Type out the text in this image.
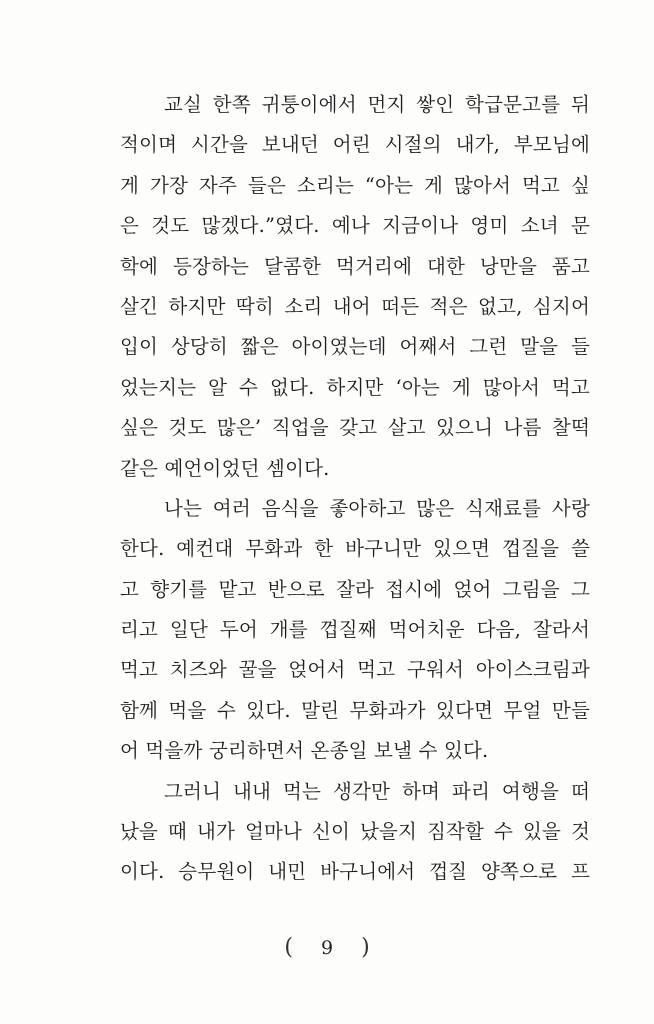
교실 한쪽 귀퉁이에서 먼지 쌓인 학급문고를 뒤
적이며 시간을 보내던 어린 시절의 내가, 부모님에
게 가장 자주 들은 소리는 “아는 게 많아서 먹고 싶
은 것도 많겠다.”였다. 예나 지금이나 영미 소녀 문
학에 등장하는 달콤한 먹거리에 대한 낭만을 품고
살긴 하지만 딱히 소리 내어 떠든 적은 없고, 심지어
입이 상당히 짧은 아이였는데 어째서 그런 말을 들
었는지는 알 수 없다. 하지만 ‘아는 게 많아서 먹고
싶은 것도 많은’ 직업을 갖고 살고 있으니 나름 찰떡
같은 예언이었던 셈이다.
나는 여러 음식을 좋아하고 많은 식재료를 사랑
한다. 예컨대 무화과 한 바구니만 있으면 껍질을 쓸
고 향기를 맡고 반으로 잘라 접시에 얹어 그림을 그
리고 일단 두어 개를 껍질째 먹어치운 다음, 잘라서
먹고 치즈와 꿀을 얹어서 먹고 구워서 아이스크림과
함께 먹을 수 있다. 말린 무화과가 있다면 무얼 만들
어 먹을까 궁리하면서 온종일 보낼 수 있다.
그러니 내내 먹는 생각만 하며 파리 여행을 떠
났을 때 내가 얼마나 신이 났을지 짐작할 수 있을 것
이다. 승무원이 내민 바구니에서 껍질 양쪽으로 프
( 9 )
